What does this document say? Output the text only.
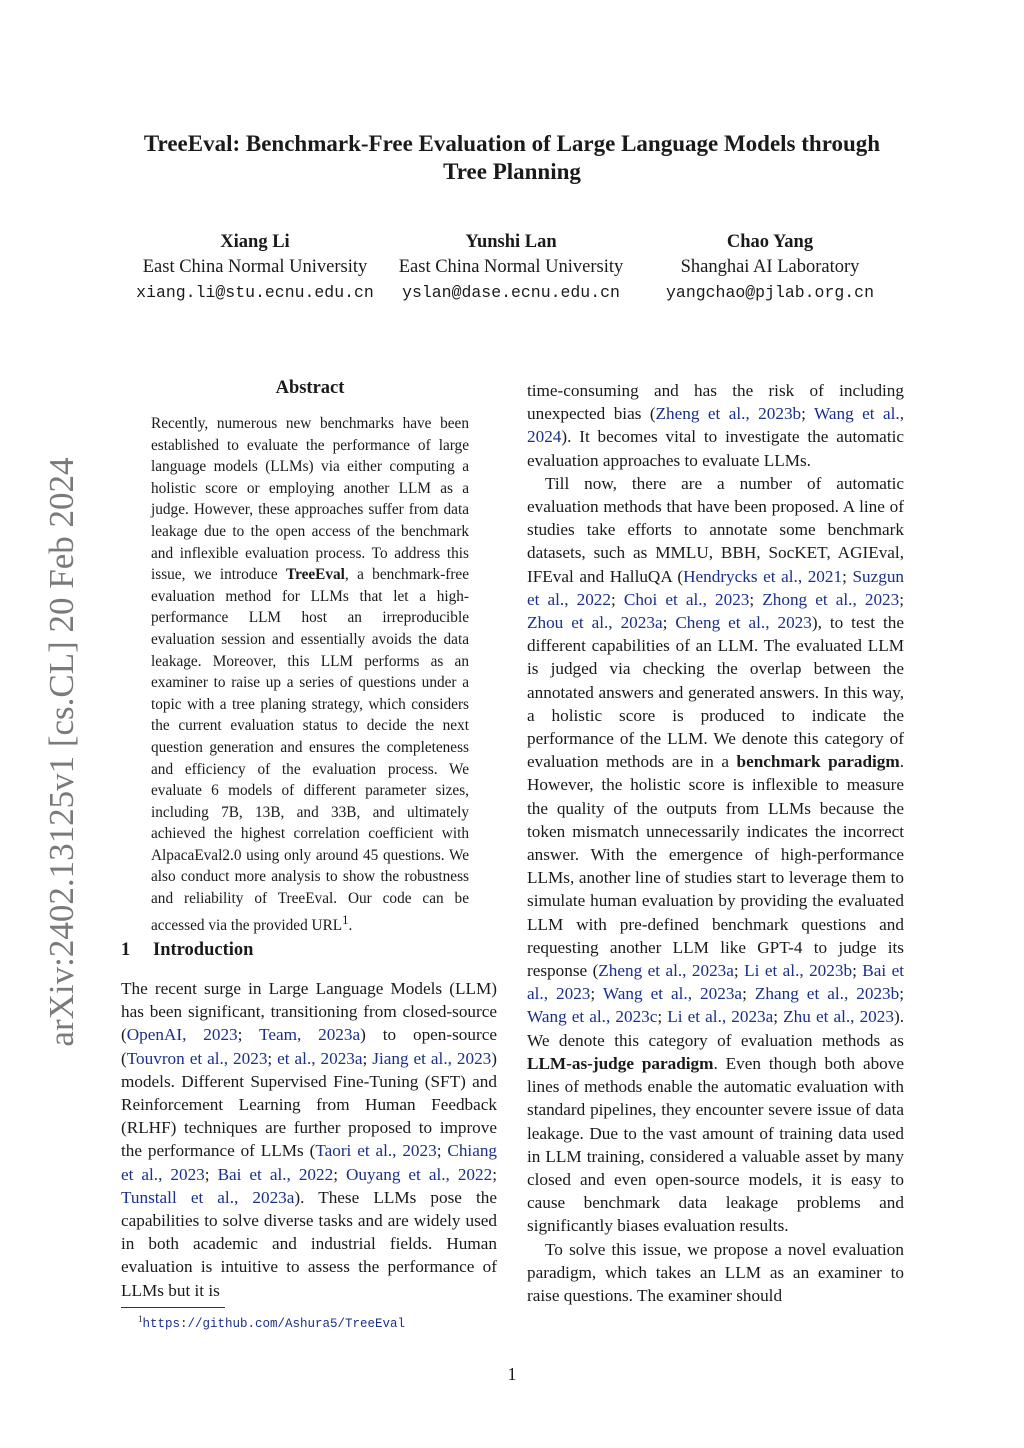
TreeEval: Benchmark-Free Evaluation of Large Language Models through
Tree Planning
Xiang Li
East China Normal University
xiang.li@stu.ecnu.edu.cn
Yunshi Lan
East China Normal University
yslan@dase.ecnu.edu.cn
Chao Yang
Shanghai AI Laboratory
yangchao@pjlab.org.cn
arXiv:2402.13125v1 [cs.CL] 20 Feb 2024
Abstract
Recently, numerous new benchmarks have been established to evaluate the performance of large language models (LLMs) via either computing a holistic score or employing another LLM as a judge. However, these approaches suffer from data leakage due to the open access of the benchmark and inflexible evaluation process. To address this issue, we introduce TreeEval, a benchmark-free evaluation method for LLMs that let a high-performance LLM host an irreproducible evaluation session and essentially avoids the data leakage. Moreover, this LLM performs as an examiner to raise up a series of questions under a topic with a tree planing strategy, which considers the current evaluation status to decide the next question generation and ensures the completeness and efficiency of the evaluation process. We evaluate 6 models of different parameter sizes, including 7B, 13B, and 33B, and ultimately achieved the highest correlation coefficient with AlpacaEval2.0 using only around 45 questions. We also conduct more analysis to show the robustness and reliability of TreeEval. Our code can be accessed via the provided URL$^1$.
1 Introduction

The recent surge in Large Language Models (LLM) has been significant, transitioning from closed-source (OpenAI, 2023; Team, 2023a) to open-source (Touvron et al., 2023; et al., 2023a; Jiang et al., 2023) models. Different Supervised Fine-Tuning (SFT) and Reinforcement Learning from Human Feedback (RLHF) techniques are further proposed to improve the performance of LLMs (Taori et al., 2023; Chiang et al., 2023; Bai et al., 2022; Ouyang et al., 2022; Tunstall et al., 2023a). These LLMs pose the capabilities to solve diverse tasks and are widely used in both academic and industrial fields. Human evaluation is intuitive to assess the performance of LLMs but it is

time-consuming and has the risk of including unexpected bias (Zheng et al., 2023b; Wang et al., 2024). It becomes vital to investigate the automatic evaluation approaches to evaluate LLMs.

Till now, there are a number of automatic evaluation methods that have been proposed. A line of studies take efforts to annotate some benchmark datasets, such as MMLU, BBH, SocKET, AGIEval, IFEval and HalluQA (Hendrycks et al., 2021; Suzgun et al., 2022; Choi et al., 2023; Zhong et al., 2023; Zhou et al., 2023a; Cheng et al., 2023), to test the different capabilities of an LLM. The evaluated LLM is judged via checking the overlap between the annotated answers and generated answers. In this way, a holistic score is produced to indicate the performance of the LLM. We denote this category of evaluation methods are in a benchmark paradigm. However, the holistic score is inflexible to measure the quality of the outputs from LLMs because the token mismatch unnecessarily indicates the incorrect answer. With the emergence of high-performance LLMs, another line of studies start to leverage them to simulate human evaluation by providing the evaluated LLM with pre-defined benchmark questions and requesting another LLM like GPT-4 to judge its response (Zheng et al., 2023a; Li et al., 2023b; Bai et al., 2023; Wang et al., 2023a; Zhang et al., 2023b; Wang et al., 2023c; Li et al., 2023a; Zhu et al., 2023). We denote this category of evaluation methods as LLM-as-judge paradigm. Even though both above lines of methods enable the automatic evaluation with standard pipelines, they encounter severe issue of data leakage. Due to the vast amount of training data used in LLM training, considered a valuable asset by many closed and even open-source models, it is easy to cause benchmark data leakage problems and significantly biases evaluation results.

To solve this issue, we propose a novel evaluation paradigm, which takes an LLM as an examiner to raise questions. The examiner should

$^1$https://github.com/Ashura5/TreeEval
1
